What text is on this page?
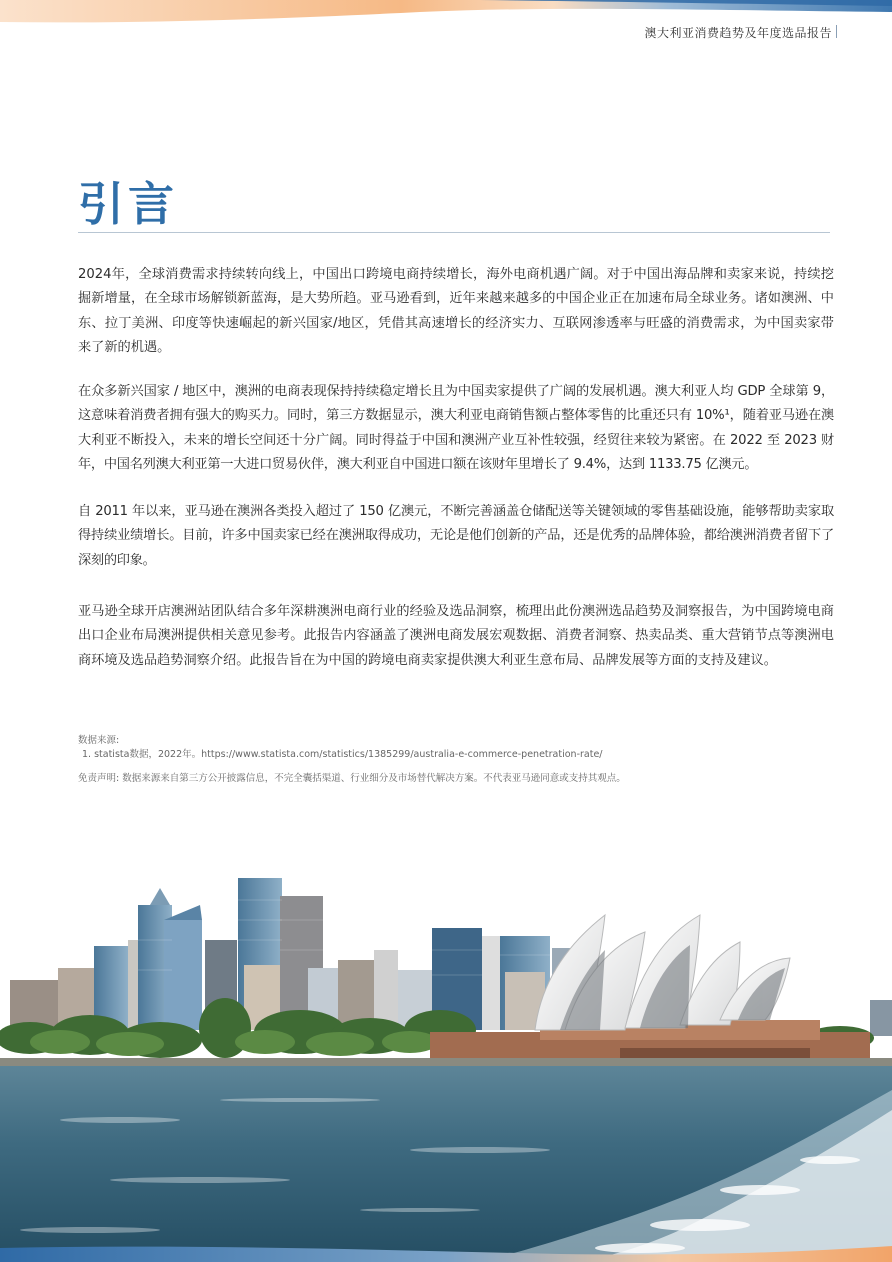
澳大利亚消费趋势及年度选品报告
引言

2024年，全球消费需求持续转向线上，中国出口跨境电商持续增长，海外电商机遇广阔。对于中国出海品牌和卖家来说，持续挖掘新增量，在全球市场解锁新蓝海，是大势所趋。亚马逊看到，近年来越来越多的中国企业正在加速布局全球业务。诸如澳洲、中东、拉丁美洲、印度等快速崛起的新兴国家/地区，凭借其高速增长的经济实力、互联网渗透率与旺盛的消费需求，为中国卖家带来了新的机遇。

在众多新兴国家 / 地区中，澳洲的电商表现保持持续稳定增长且为中国卖家提供了广阔的发展机遇。澳大利亚人均 GDP 全球第 9，这意味着消费者拥有强大的购买力。同时，第三方数据显示，澳大利亚电商销售额占整体零售的比重还只有 10%¹，随着亚马逊在澳大利亚不断投入，未来的增长空间还十分广阔。同时得益于中国和澳洲产业互补性较强，经贸往来较为紧密。在 2022 至 2023 财年，中国名列澳大利亚第一大进口贸易伙伴，澳大利亚自中国进口额在该财年里增长了 9.4%，达到 1133.75 亿澳元。

自 2011 年以来，亚马逊在澳洲各类投入超过了 150 亿澳元，不断完善涵盖仓储配送等关键领域的零售基础设施，能够帮助卖家取得持续业绩增长。目前，许多中国卖家已经在澳洲取得成功，无论是他们创新的产品，还是优秀的品牌体验，都给澳洲消费者留下了深刻的印象。

亚马逊全球开店澳洲站团队结合多年深耕澳洲电商行业的经验及选品洞察，梳理出此份澳洲选品趋势及洞察报告，为中国跨境电商出口企业布局澳洲提供相关意见参考。此报告内容涵盖了澳洲电商发展宏观数据、消费者洞察、热卖品类、重大营销节点等澳洲电商环境及选品趋势洞察介绍。此报告旨在为中国的跨境电商卖家提供澳大利亚生意布局、品牌发展等方面的支持及建议。

数据来源:
1. statista数据，2022年。https://www.statista.com/statistics/1385299/australia-e-commerce-penetration-rate/
免责声明: 数据来源来自第三方公开披露信息，不完全囊括渠道、行业细分及市场替代解决方案。不代表亚马逊同意或支持其观点。
